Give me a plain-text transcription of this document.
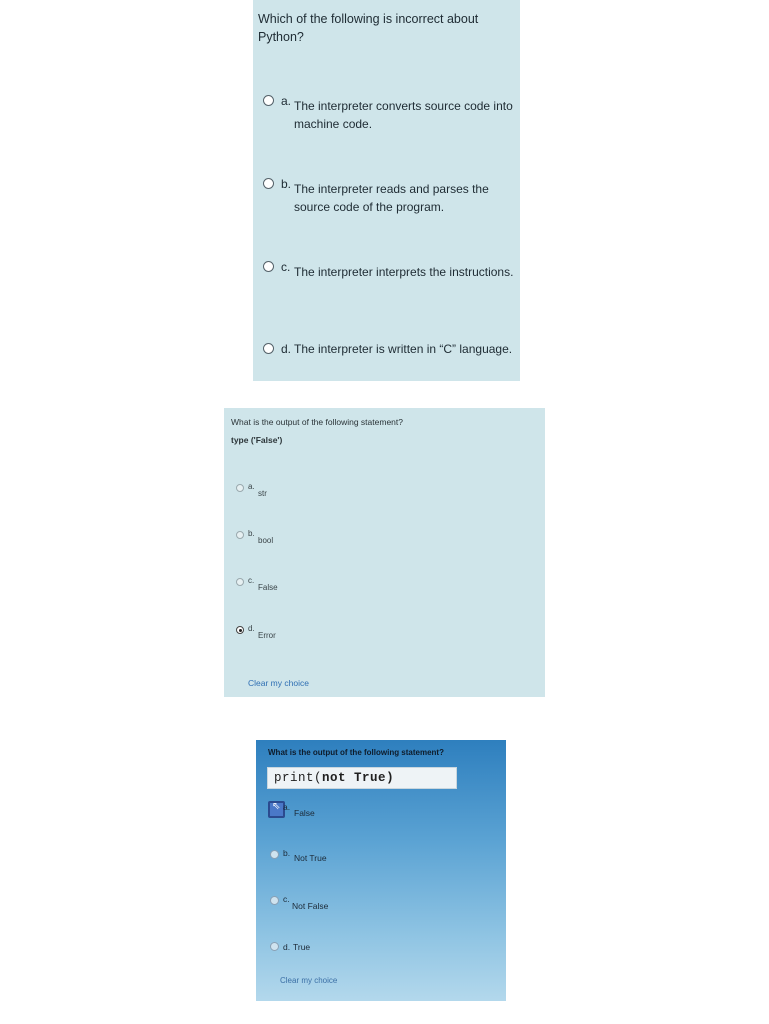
Which of the following is incorrect about Python?
a. The interpreter converts source code into machine code.
b. The interpreter reads and parses the source code of the program.
c. The interpreter interprets the instructions.
d. The interpreter is written in “C” language.
What is the output of the following statement?
type ('False')
a.
str
b.
bool
c.
False
d.
Error
Clear my choice
What is the output of the following statement?
print(not True)
⇖
a.
False
b. Not True
c.
Not False
d. True
Clear my choice
